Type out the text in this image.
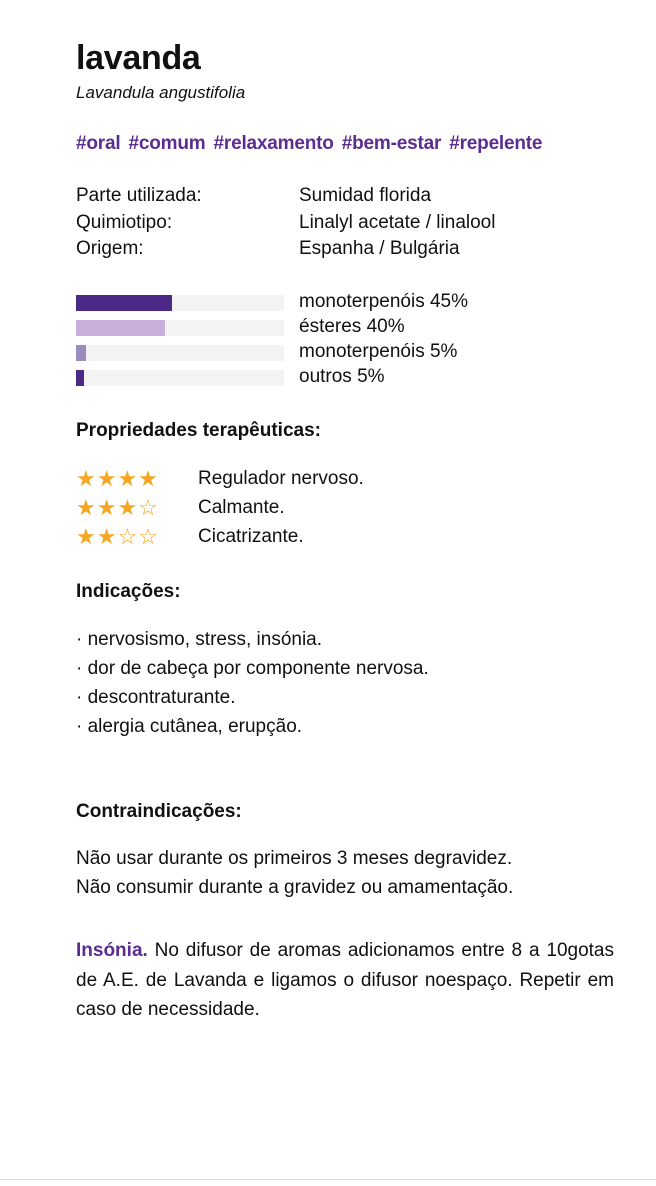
lavanda
Lavandula angustifolia
#oral #comum #relaxamento #bem-estar #repelente
Parte utilizada:	Sumidad florida
Quimiotipo:	Linalyl acetate / linalool
Origem:	Espanha / Bulgária
monoterpenóis 45%
ésteres 40%
monoterpenóis 5%
outros 5%
Propriedades terapêuticas:
★★★★	Regulador nervoso.
★★★☆	Calmante.
★★☆☆	Cicatrizante.
Indicações:
· nervosismo, stress, insónia.
· dor de cabeça por componente nervosa.
· descontraturante.
· alergia cutânea, erupção.
Contraindicações:
Não usar durante os primeiros 3 meses degravidez.
Não consumir durante a gravidez ou amamentação.
Insónia. No difusor de aromas adicionamos entre 8 a 10gotas de A.E. de Lavanda e ligamos o difusor noespaço. Repetir em caso de necessidade.
